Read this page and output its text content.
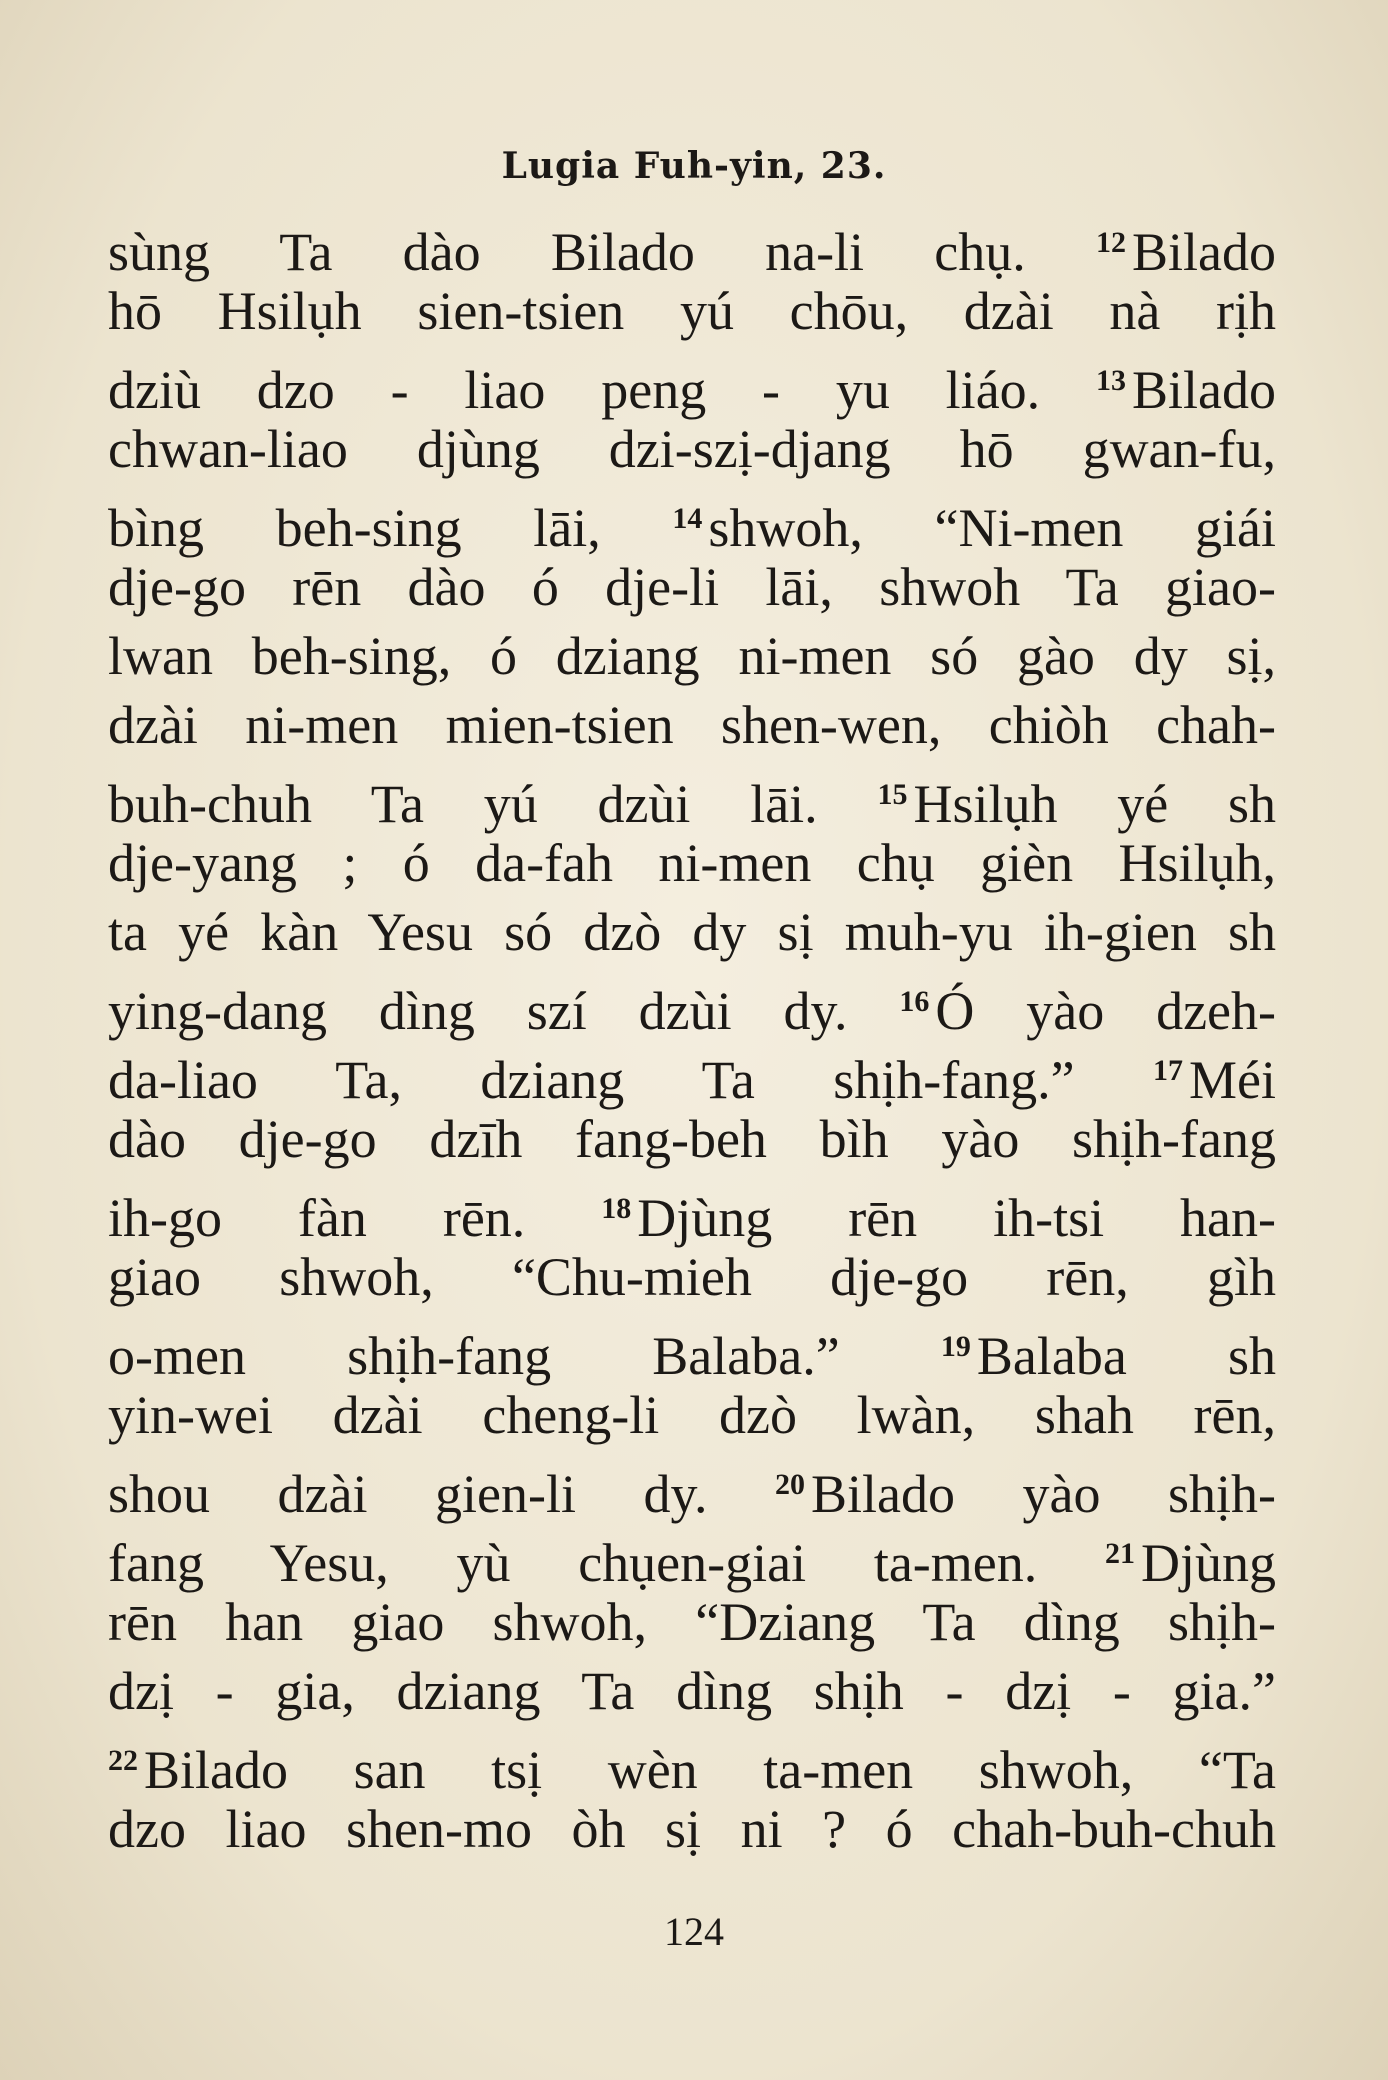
Lugia Fuh-yin, 23.
sùng Ta dào Bilado na-li chụ. $^{12}$ Bilado
hō Hsilụh sien-tsien yú chōu, dzài nà rịh
dziù dzo - liao peng - yu liáo. $^{13}$ Bilado
chwan-liao djùng dzi-szị-djang hō gwan-fu,
bìng beh-sing lāi, $^{14}$ shwoh, “Ni-men giái
dje-go rēn dào ó dje-li lāi, shwoh Ta giao-
lwan beh-sing, ó dziang ni-men só gào dy sị,
dzài ni-men mien-tsien shen-wen, chiòh chah-
buh-chuh Ta yú dzùi lāi. $^{15}$ Hsilụh yé sh
dje-yang ; ó da-fah ni-men chụ gièn Hsilụh,
ta yé kàn Yesu só dzò dy sị muh-yu ih-gien sh
ying-dang dìng szí dzùi dy. $^{16}$ Ó yào dzeh-
da-liao Ta, dziang Ta shịh-fang.” $^{17}$ Méi
dào dje-go dzīh fang-beh bìh yào shịh-fang
ih-go fàn rēn. $^{18}$ Djùng rēn ih-tsi han-
giao shwoh, “Chu-mieh dje-go rēn, gìh
o-men shịh-fang Balaba.” $^{19}$ Balaba sh
yin-wei dzài cheng-li dzò lwàn, shah rēn,
shou dzài gien-li dy. $^{20}$ Bilado yào shịh-
fang Yesu, yù chụen-giai ta-men. $^{21}$ Djùng
rēn han giao shwoh, “Dziang Ta dìng shịh-
dzị - gia, dziang Ta dìng shịh - dzị - gia.”
$^{22}$ Bilado san tsị wèn ta-men shwoh, “Ta
dzo liao shen-mo òh sị ni ? ó chah-buh-chuh
124
